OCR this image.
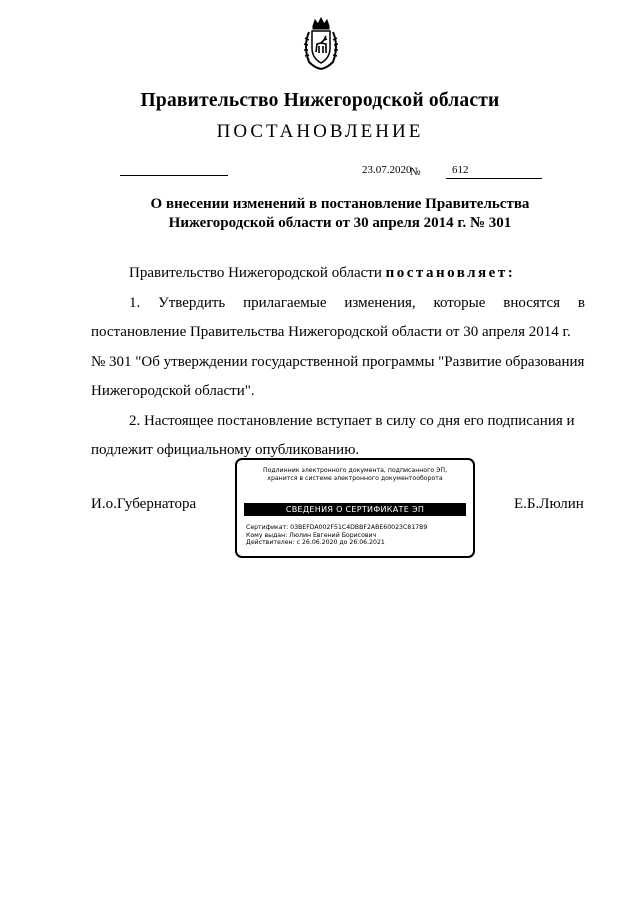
Правительство Нижегородской области
ПОСТАНОВЛЕНИЕ
23.07.2020
№	612
О внесении изменений в постановление Правительства
Нижегородской области от 30 апреля 2014 г. № 301

Правительство Нижегородской области постановляет:

1. Утвердить прилагаемые изменения, которые вносятся в

постановление Правительства Нижегородской области от 30 апреля 2014 г.

№ 301 "Об утверждении государственной программы "Развитие образования

Нижегородской области".

2. Настоящее постановление вступает в силу со дня его подписания и

подлежит официальному опубликованию.

И.о.Губернатора	Е.Б.Люлин
Подлинник электронного документа, подписанного ЭП,
хранится в системе электронного документооборота
СВЕДЕНИЯ О СЕРТИФИКАТЕ ЭП
Сертификат: 03BEFDA002F51C4DBBF2ABE60023C817B9
Кому выдан: Люлин Евгений Борисович
Действителен: с 26.06.2020 до 26.06.2021
